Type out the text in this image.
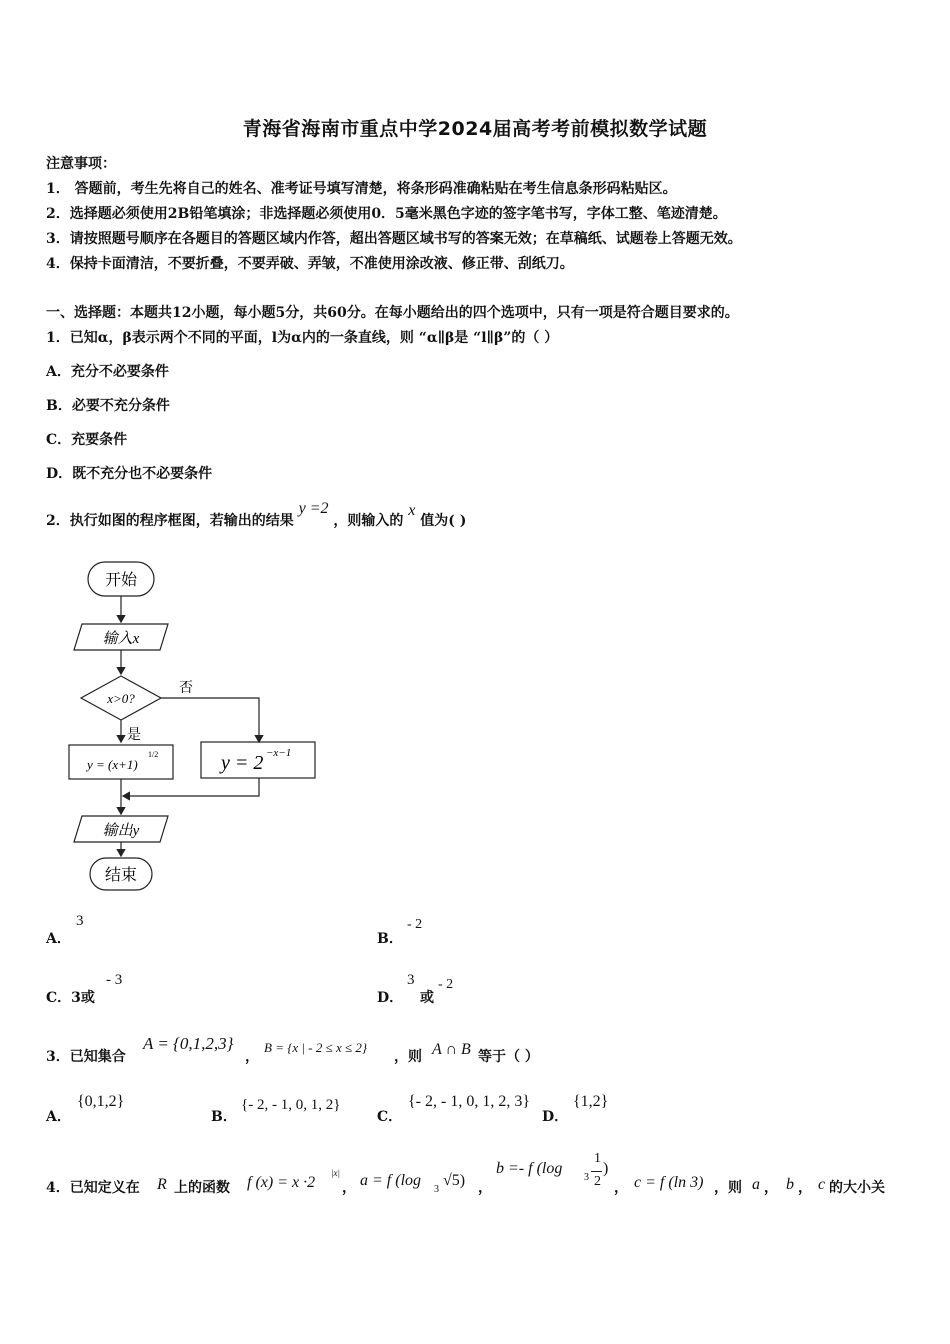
青海省海南市重点中学2024届高考考前模拟数学试题
注意事项：
1． 答题前，考生先将自己的姓名、准考证号填写清楚，将条形码准确粘贴在考生信息条形码粘贴区。
2．选择题必须使用2B铅笔填涂；非选择题必须使用0．5毫米黑色字迹的签字笔书写，字体工整、笔迹清楚。
3．请按照题号顺序在各题目的答题区域内作答，超出答题区域书写的答案无效；在草稿纸、试题卷上答题无效。
4．保持卡面清洁，不要折叠，不要弄破、弄皱，不准使用涂改液、修正带、刮纸刀。
一、选择题：本题共12小题，每小题5分，共60分。在每小题给出的四个选项中，只有一项是符合题目要求的。
1．已知α，β表示两个不同的平面，l为α内的一条直线，则 “α∥β是 “l∥β”的（ ）
A．充分不必要条件
B．必要不充分条件
C．充要条件
D．既不充分也不必要条件
2．执行如图的程序框图，若输出的结果 y =2 ，则输入的 x 值为( )
开始
输入x
x>0?
否
是
y = (x+1)
1/2	y = 2 −x−1
输出y
结束
A．
3
B．
- 2
C．3或
- 3
D．
3
或
- 2
3．已知集合
A = {0,1,2,3}
，
B = {x | - 2 ≤ x ≤ 2}
，则 A ∩ B 等于（ ）
A．
{0,1,2}
B．
{- 2, - 1, 0, 1, 2}
C．
{- 2, - 1, 0, 1, 2, 3}
D．
{1,2}
4．已知定义在 R 上的函数 f (x) = x ·2
|x|
， a = f (log
3
√5) ，
b =- f (log
3
1
2
)
， c = f (ln 3) ，则 a ， b ， c 的大小关
